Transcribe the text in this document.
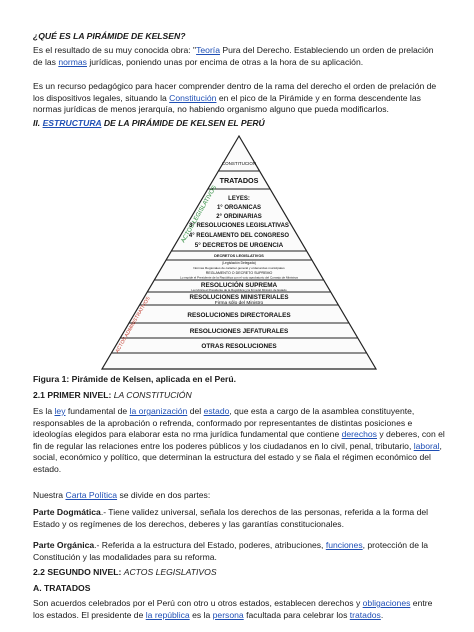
¿QUÉ ES LA PIRÁMIDE DE KELSEN?

Es el resultado de su muy conocida obra: "Teoría Pura del Derecho. Estableciendo un orden de prelación de las normas jurídicas, poniendo unas por encima de otras a la hora de su aplicación.

Es un recurso pedagógico para hacer comprender dentro de la rama del derecho el orden de prelación de los dispositivos legales, situando la Constitución en el pico de la Pirámide y en forma descendente las normas jurídicas de menos jerarquía, no habiendo organismo alguno que pueda modificarlos.

II. ESTRUCTURA DE LA PIRÁMIDE DE KELSEN EL PERÚ

ACTOS LEGISLATIVOS
ACTOS ADMINISTRATIVOS
CONSTITUCION
TRATADOS
LEYES:
1° ORGANICAS
2° ORDINARIAS
3° RESOLUCIONES LEGISLATIVAS
4° REGLAMENTO DEL CONGRESO
5° DECRETOS DE URGENCIA
DECRETOS LEGISLATIVOS
(Legislación Delegada)
Normas Regionales de carácter general y ordenanzas municipales
REGLAMENTO O DECRETO SUPREMO
Lo expide el Presidente de la República con el voto aprobatorio del Consejo de Ministros
RESOLUCIÓN SUPREMA
La rubrica el Presidente de la República y la firma El Ministro de Estado
RESOLUCIONES MINISTERIALES
Firma sólo del Ministro
RESOLUCIONES DIRECTORALES
RESOLUCIONES JEFATURALES
OTRAS RESOLUCIONES

Figura 1: Pirámide de Kelsen, aplicada en el Perú.

2.1 PRIMER NIVEL: LA CONSTITUCIÓN

Es la ley fundamental de la organización del estado, que esta a cargo de la asamblea constituyente, responsables de la aprobación o refrenda, conformado por representantes de distintas posiciones e ideologías elegidos para elaborar esta no rma jurídica fundamental que contiene derechos y deberes, con el fin de regular las relaciones entre los poderes públicos y los ciudadanos en lo civil, penal, tributario, laboral, social, económico y político, que determinan la estructura del estado y se ñala el régimen económico del estado.

Nuestra Carta Política se divide en dos partes:

Parte Dogmática.- Tiene validez universal, señala los derechos de las personas, referida a la forma del Estado y os regímenes de los derechos, deberes y las garantías constitucionales.

Parte Orgánica.- Referida a la estructura del Estado, poderes, atribuciones, funciones, protección de la Constitución y las modalidades para su reforma.

2.2 SEGUNDO NIVEL: ACTOS LEGISLATIVOS

A. TRATADOS

Son acuerdos celebrados por el Perú con otro u otros estados, establecen derechos y obligaciones entre los estados. El presidente de la república es la persona facultada para celebrar los tratados.
